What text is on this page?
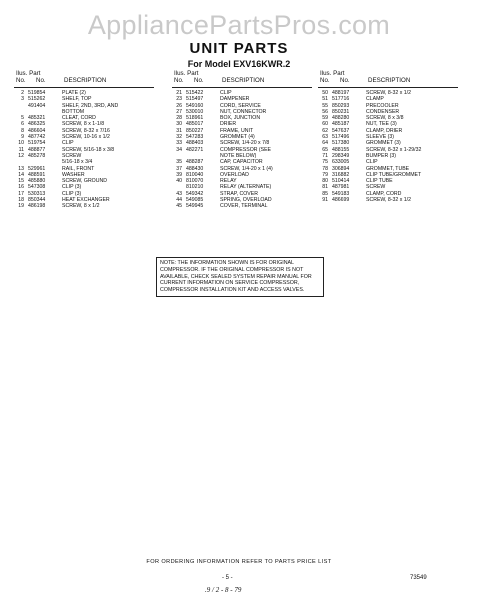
AppliancePartsPros.com
UNIT PARTS
For Model EXV16KWR.2
Ilus. Part
No. No.	DESCRIPTION
2 519854	PLATE (2)
3 515262	SHELF, TOP
491404	SHELF, 2ND, 3RD, AND
BOTTOM
5 485321	CLEAT, CORD
6 486325	SCREW, 8 x 1-1/8
8 486604	SCREW, 8-32 x 7/16
9 487742	SCREW, 10-16 x 1/2
10 519754	CLIP
11 488877	SCREW, 5/16-18 x 3/8
12 485278	SCREW
5/16-18 x 3/4
13 529961	RAIL, FRONT
14 488591	WASHER
15 485880	SCREW, GROUND
16 547308	CLIP (3)
17 530313	CLIP (3)
18 850344	HEAT EXCHANGER
19 486198	SCREW, 8 x 1/2
Ilus. Part
No. No.	DESCRIPTION
21 515422	CLIP
23 515497	DAMPENER
26 549160	CORD, SERVICE
27 530010	NUT, CONNECTOR
28 518961	BOX, JUNCTION
30 485017	DRIER
31 850227	FRAME, UNIT
32 547283	GROMMET (4)
33 488403	SCREW, 1/4-20 x 7/8
34 482271	COMPRESSOR (SEE
NOTE BELOW)
35 488287	CAP, CAPACITOR
37 488430	SCREW, 1/4-20 x 1 (4)
39 810040	OVERLOAD
40 810070	RELAY
810210	RELAY (ALTERNATE)
43 549342	STRAP, COVER
44 549085	SPRING, OVERLOAD
45 549945	COVER, TERMINAL
Ilus. Part
No. No.	DESCRIPTION
50 488197	SCREW, 8-32 x 1/2
51 517716	CLAMP
55 850293	PRECOOLER
56 850231	CONDENSER
59 488280	SCREW, 8 x 3/8
60 485187	NUT, TEE (3)
62 547637	CLAMP, DRIER
63 517496	SLEEVE (3)
64 517380	GROMMET (3)
65 488155	SCREW, 8-32 x 1-29/32
71 298349	BUMPER (3)
75 633005	CLIP
78 306894	GROMMET, TUBE
79 316882	CLIP TUBE/GROMMET
80 510414	CLIP TUBE
81 487981	SCREW
85 549183	CLAMP, CORD
91 486699	SCREW, 8-32 x 1/2
NOTE: THE INFORMATION SHOWN IS FOR ORIGINAL COMPRESSOR. IF THE ORIGINAL COMPRESSOR IS NOT AVAILABLE, CHECK SEALED SYSTEM REPAIR MANUAL FOR CURRENT INFORMATION ON SERVICE COMPRESSOR, COMPRESSOR INSTALLATION KIT AND ACCESS VALVES.
FOR ORDERING INFORMATION REFER TO PARTS PRICE LIST
- 5 -	73549
.9 / 2 - 8 - 79
